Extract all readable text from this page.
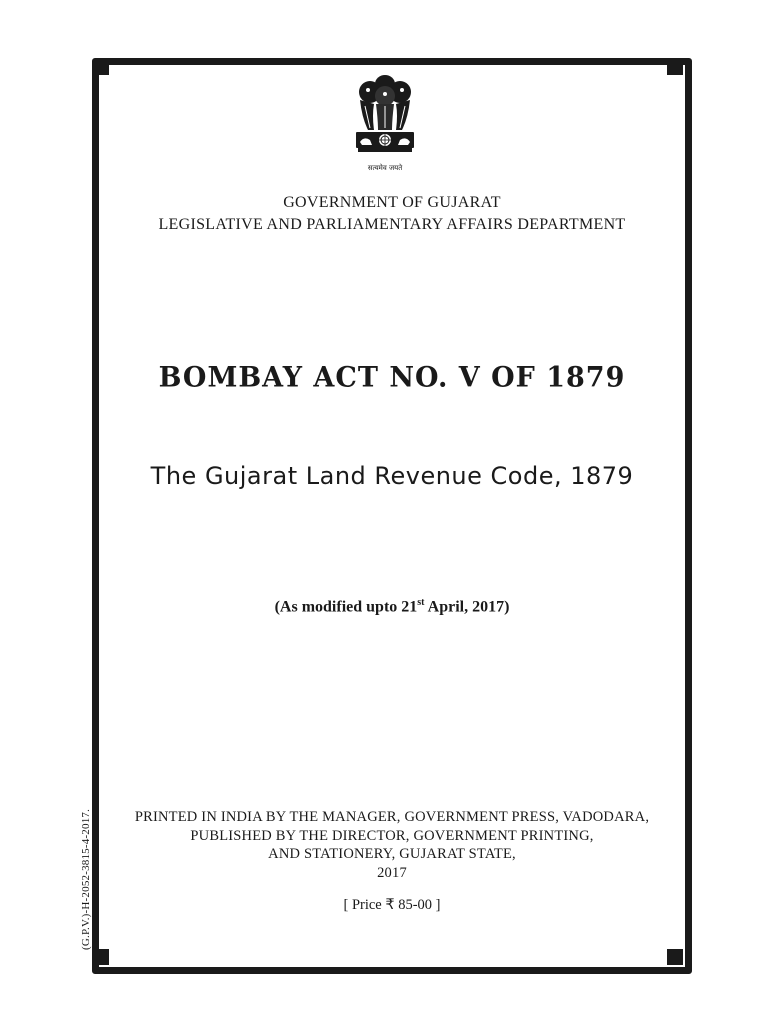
सत्यमेव जयते
GOVERNMENT OF GUJARAT
LEGISLATIVE AND PARLIAMENTARY AFFAIRS DEPARTMENT
BOMBAY ACT NO. V OF 1879
The Gujarat Land Revenue Code, 1879
(As modified upto 21st April, 2017)
PRINTED IN INDIA BY THE MANAGER, GOVERNMENT PRESS, VADODARA,
PUBLISHED BY THE DIRECTOR, GOVERNMENT PRINTING,
AND STATIONERY, GUJARAT STATE,
2017
[ Price ₹ 85-00 ]
(G.P.V.)-H-2052-3815-4-2017.
